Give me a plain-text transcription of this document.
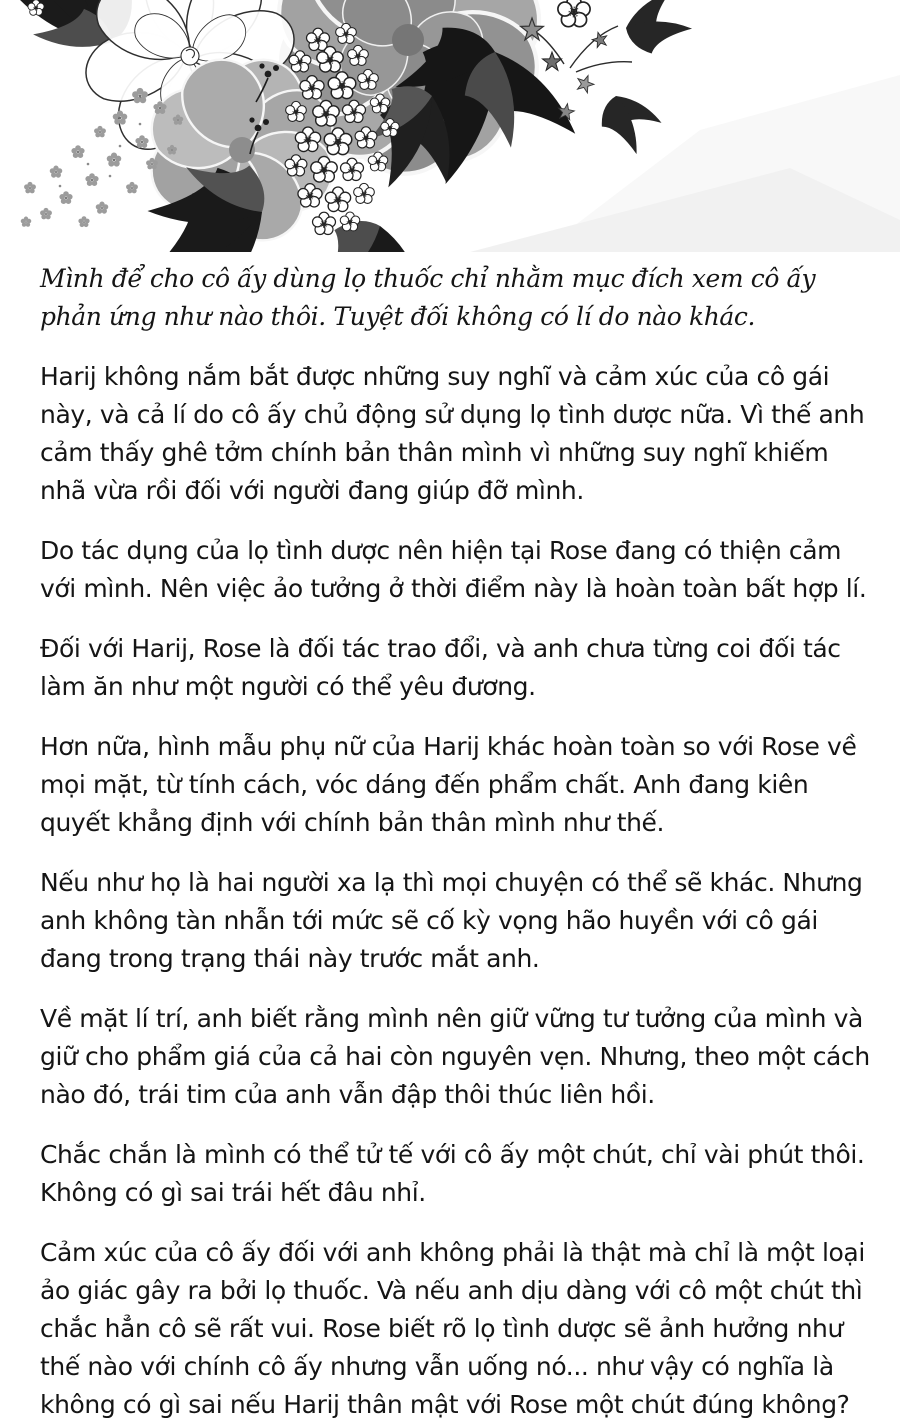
Mình để cho cô ấy dùng lọ thuốc chỉ nhằm mục đích xem cô ấy phản ứng như nào thôi. Tuyệt đối không có lí do nào khác.

Harij không nắm bắt được những suy nghĩ và cảm xúc của cô gái này, và cả lí do cô ấy chủ động sử dụng lọ tình dược nữa. Vì thế anh cảm thấy ghê tởm chính bản thân mình vì những suy nghĩ khiếm nhã vừa rồi đối với người đang giúp đỡ mình.

Do tác dụng của lọ tình dược nên hiện tại Rose đang có thiện cảm với mình. Nên việc ảo tưởng ở thời điểm này là hoàn toàn bất hợp lí.

Đối với Harij, Rose là đối tác trao đổi, và anh chưa từng coi đối tác làm ăn như một người có thể yêu đương.

Hơn nữa, hình mẫu phụ nữ của Harij khác hoàn toàn so với Rose về mọi mặt, từ tính cách, vóc dáng đến phẩm chất. Anh đang kiên quyết khẳng định với chính bản thân mình như thế.

Nếu như họ là hai người xa lạ thì mọi chuyện có thể sẽ khác. Nhưng anh không tàn nhẫn tới mức sẽ cố kỳ vọng hão huyền với cô gái đang trong trạng thái này trước mắt anh.

Về mặt lí trí, anh biết rằng mình nên giữ vững tư tưởng của mình và giữ cho phẩm giá của cả hai còn nguyên vẹn. Nhưng, theo một cách nào đó, trái tim của anh vẫn đập thôi thúc liên hồi.

Chắc chắn là mình có thể tử tế với cô ấy một chút, chỉ vài phút thôi. Không có gì sai trái hết đâu nhỉ.

Cảm xúc của cô ấy đối với anh không phải là thật mà chỉ là một loại ảo giác gây ra bởi lọ thuốc. Và nếu anh dịu dàng với cô một chút thì chắc hẳn cô sẽ rất vui. Rose biết rõ lọ tình dược sẽ ảnh hưởng như thế nào với chính cô ấy nhưng vẫn uống nó... như vậy có nghĩa là không có gì sai nếu Harij thân mật với Rose một chút đúng không?
